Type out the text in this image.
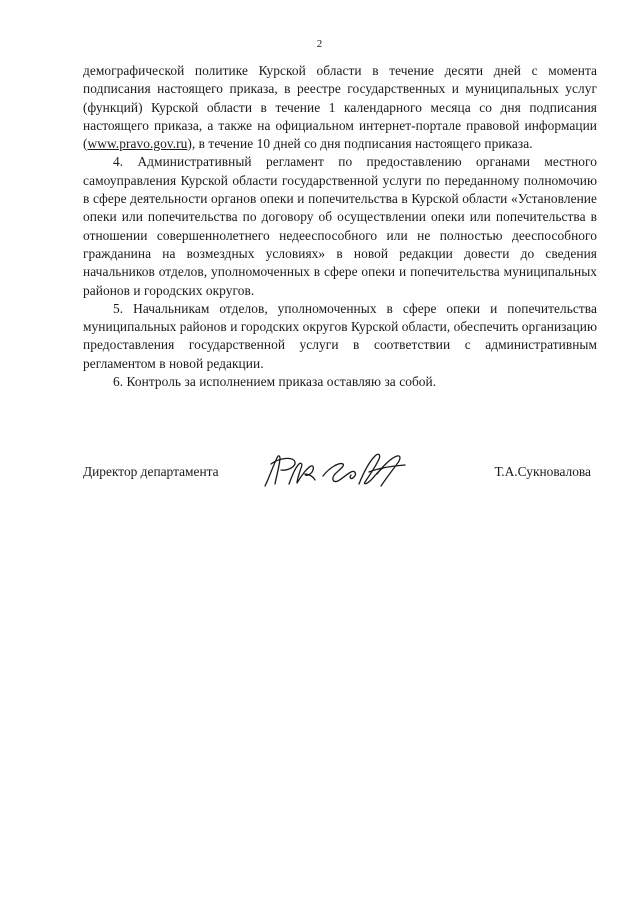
2

демографической политике Курской области в течение десяти дней с момента подписания настоящего приказа, в реестре государственных и муниципальных услуг (функций) Курской области в течение 1 календарного месяца со дня подписания настоящего приказа, а также на официальном интернет-портале правовой информации (www.pravo.gov.ru), в течение 10 дней со дня подписания настоящего приказа.

4. Административный регламент по предоставлению органами местного самоуправления Курской области государственной услуги по переданному полномочию в сфере деятельности органов опеки и попечительства в Курской области «Установление опеки или попечительства по договору об осуществлении опеки или попечительства в отношении совершеннолетнего недееспособного или не полностью дееспособного гражданина на возмездных условиях» в новой редакции довести до сведения начальников отделов, уполномоченных в сфере опеки и попечительства муниципальных районов и городских округов.

5. Начальникам отделов, уполномоченных в сфере опеки и попечительства муниципальных районов и городских округов Курской области, обеспечить организацию предоставления государственной услуги в соответствии с административным регламентом в новой редакции.

6. Контроль за исполнением приказа оставляю за собой.

Директор департамента	Т.А.Сукновалова
